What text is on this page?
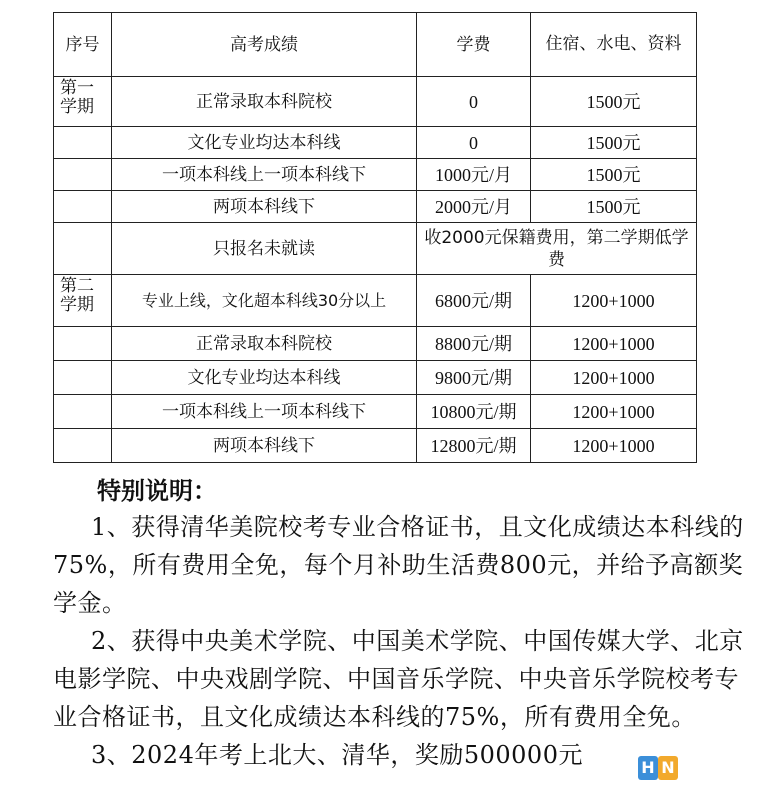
序号	高考成绩	学费	住宿、水电、资料
第一学期	正常录取本科院校	0	1500元
	文化专业均达本科线	0	1500元
	一项本科线上一项本科线下	1000元/月	1500元
	两项本科线下	2000元/月	1500元
	只报名未就读	收2000元保籍费用，第二学期低学费	
第二学期	专业上线，文化超本科线30分以上	6800元/期	1200+1000
	正常录取本科院校	8800元/期	1200+1000
	文化专业均达本科线	9800元/期	1200+1000
	一项本科线上一项本科线下	10800元/期	1200+1000
	两项本科线下	12800元/期	1200+1000
特别说明：

1、获得清华美院校考专业合格证书，且文化成绩达本科线的75%，所有费用全免，每个月补助生活费800元，并给予高额奖学金。

2、获得中央美术学院、中国美术学院、中国传媒大学、北京电影学院、中央戏剧学院、中国音乐学院、中央音乐学院校考专业合格证书，且文化成绩达本科线的75%，所有费用全免。

3、2024年考上北大、清华，奖励500000元	H N
